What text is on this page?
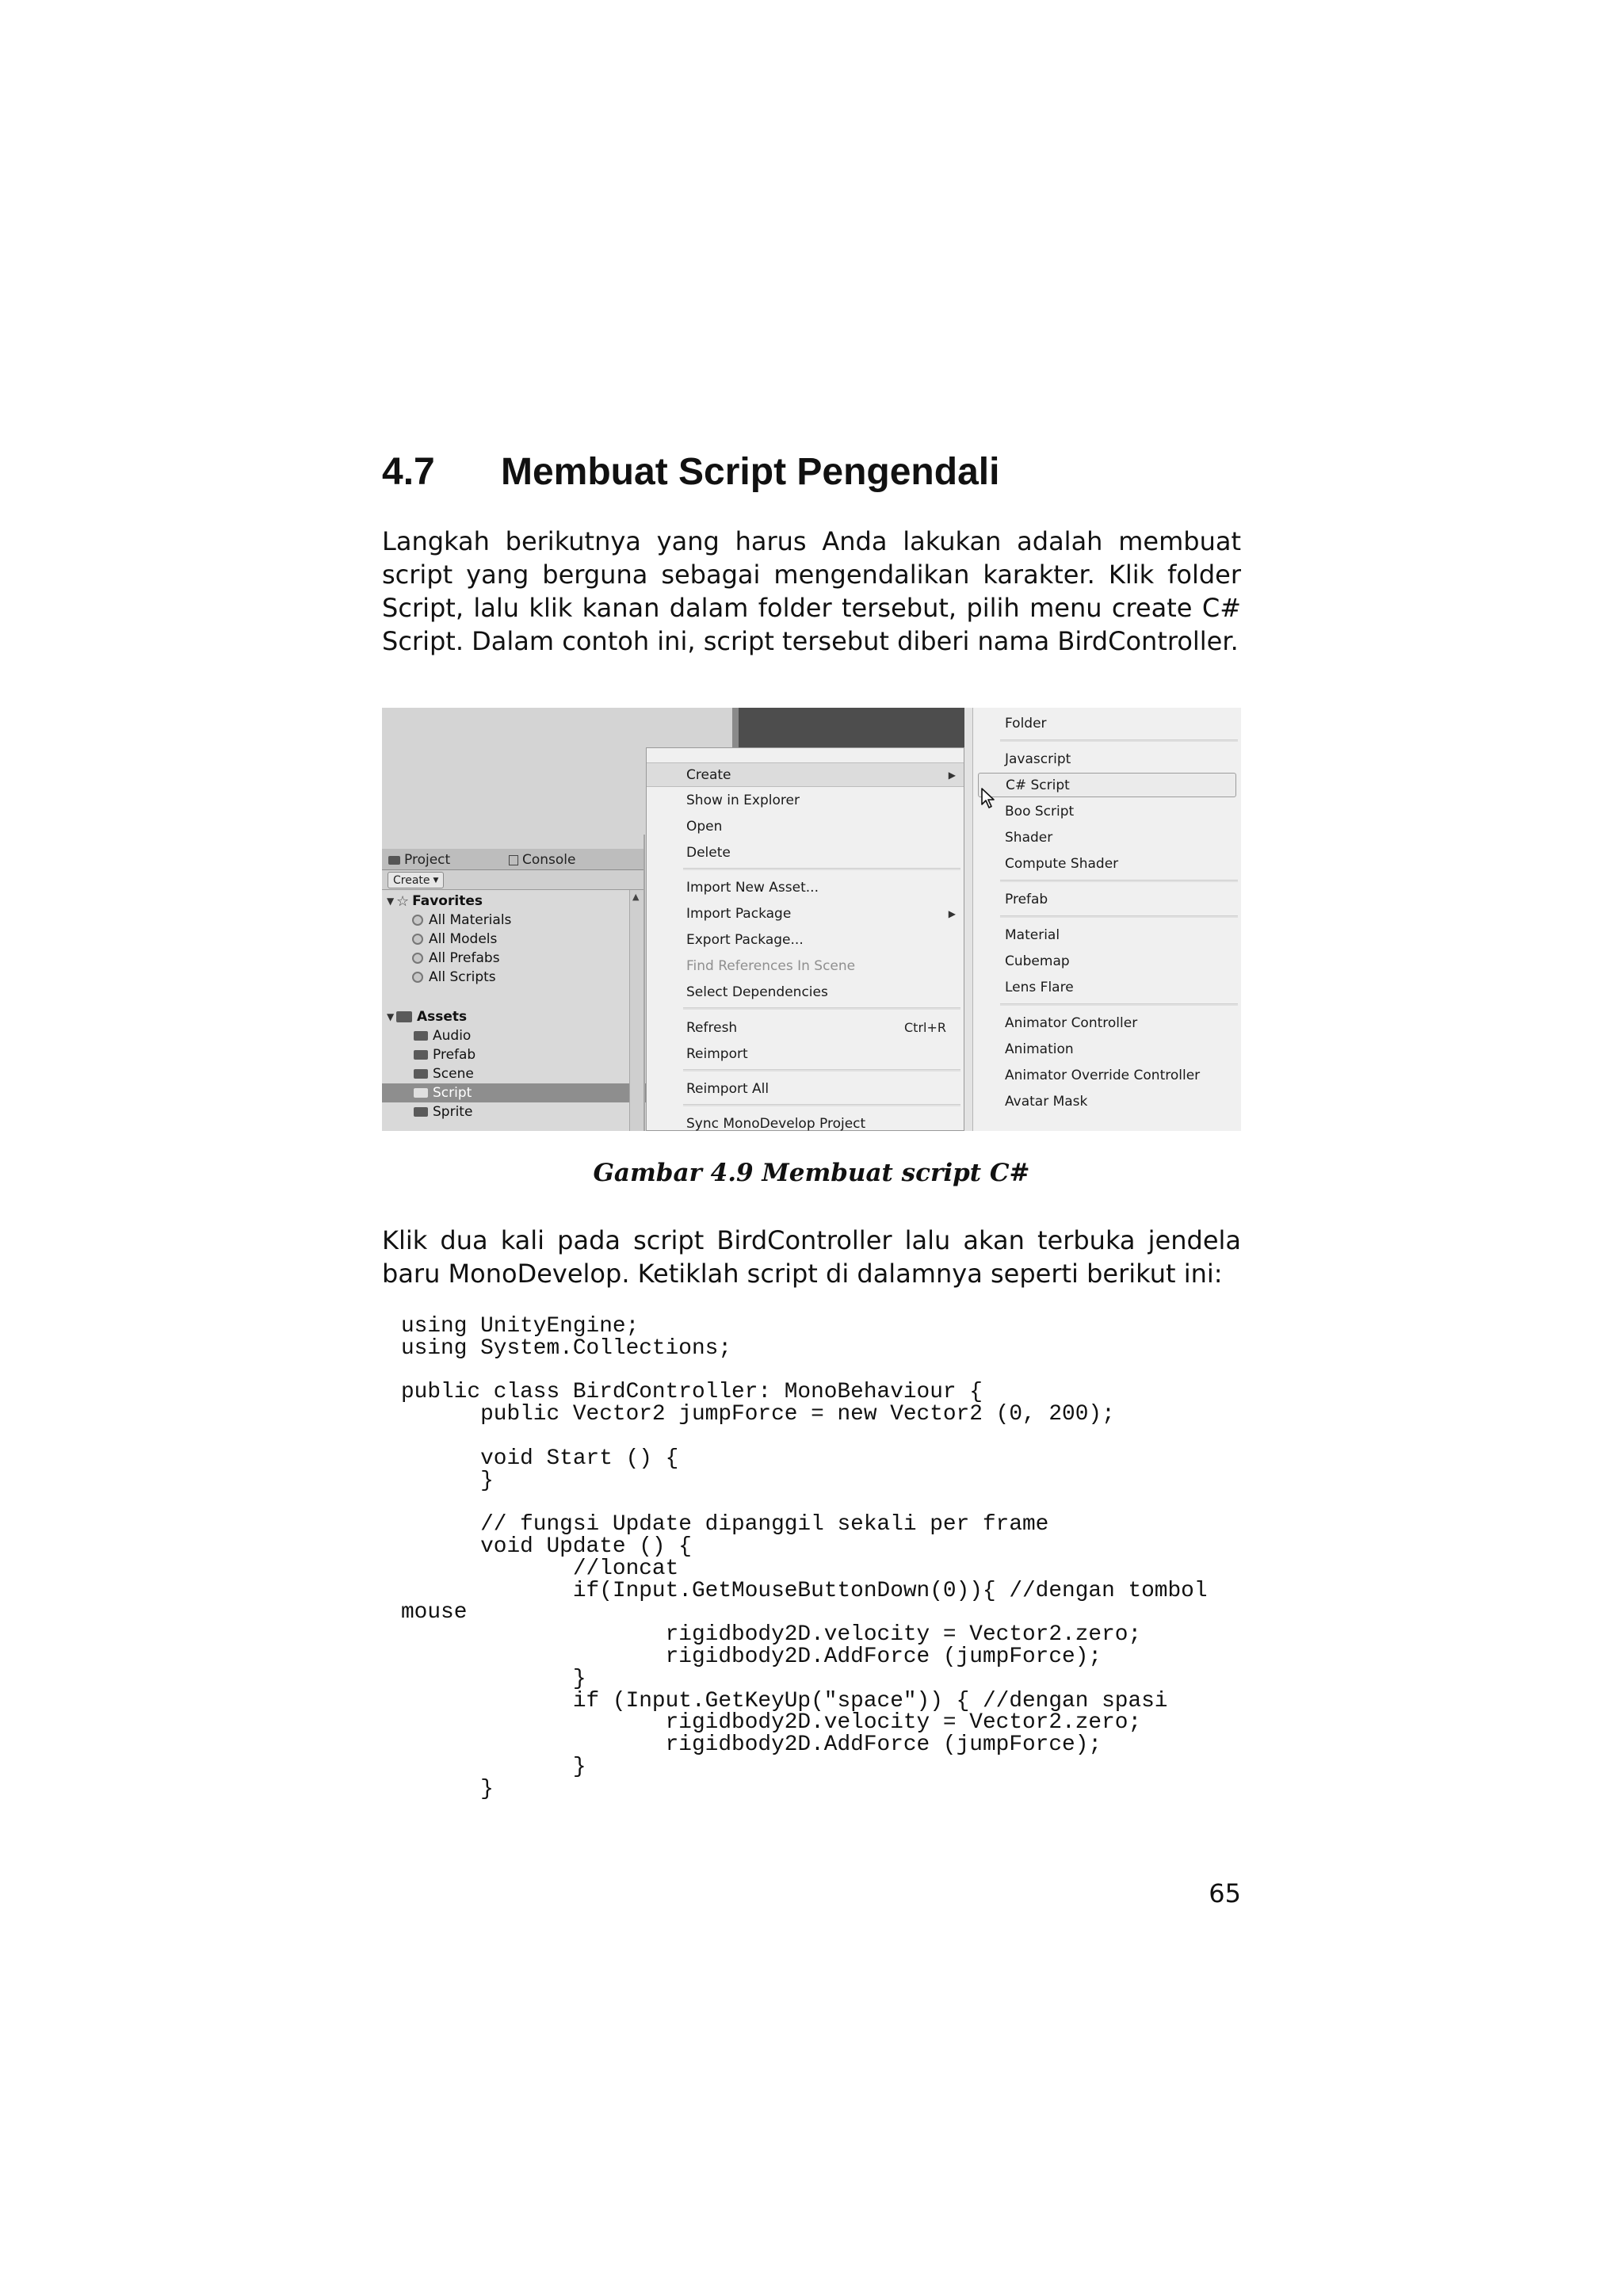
4.7	Membuat Script Pengendali

Langkah berikutnya yang harus Anda lakukan adalah membuat script yang berguna sebagai mengendalikan karakter. Klik folder Script, lalu klik kanan dalam folder tersebut, pilih menu create C# Script. Dalam contoh ini, script tersebut diberi nama BirdController.

Project	Console
Create ▼
▼ ☆ Favorites
All Materials
All Models
All Prefabs
All Scripts
▼ Assets
Audio
Prefab
Scene
Script
Sprite
▲
Create	▶
Show in Explorer
Open
Delete
Import New Asset...
Import Package	▶
Export Package...
Find References In Scene
Select Dependencies
Refresh	Ctrl+R
Reimport
Reimport All
Sync MonoDevelop Project
Folder
Javascript
C# Script
Boo Script
Shader
Compute Shader
Prefab
Material
Cubemap
Lens Flare
Animator Controller
Animation
Animator Override Controller
Avatar Mask

Gambar 4.9 Membuat script C#

Klik dua kali pada script BirdController lalu akan terbuka jendela baru MonoDevelop. Ketiklah script di dalamnya seperti berikut ini:

using UnityEngine;
using System.Collections;

public class BirdController: MonoBehaviour {
public Vector2 jumpForce = new Vector2 (0, 200);

void Start () {
}

// fungsi Update dipanggil sekali per frame
void Update () {
//loncat
if(Input.GetMouseButtonDown(0)){ //dengan tombol
mouse
rigidbody2D.velocity = Vector2.zero;
rigidbody2D.AddForce (jumpForce);
}
if (Input.GetKeyUp("space")) { //dengan spasi
rigidbody2D.velocity = Vector2.zero;
rigidbody2D.AddForce (jumpForce);
}
}

65
